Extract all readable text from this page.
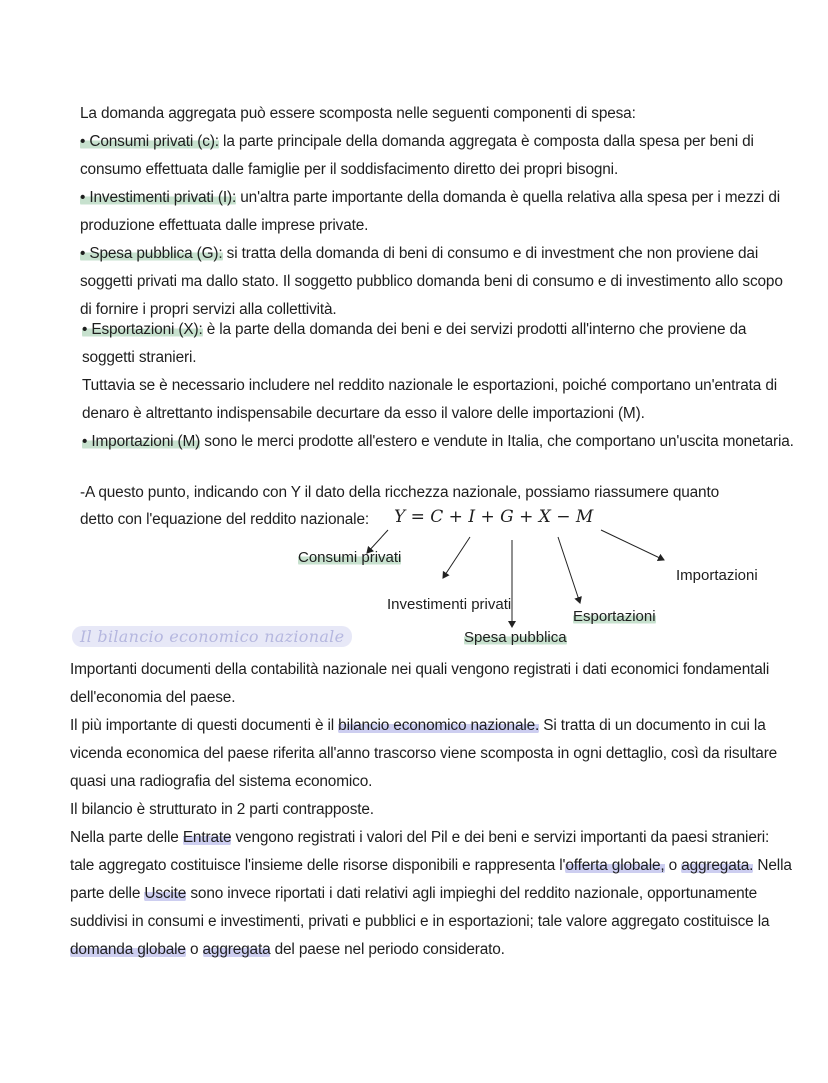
La domanda aggregata può essere scomposta nelle seguenti componenti di spesa:
• Consumi privati (c): la parte principale della domanda aggregata è composta dalla spesa per beni di
consumo effettuata dalle famiglie per il soddisfacimento diretto dei propri bisogni.
• Investimenti privati (I): un'altra parte importante della domanda è quella relativa alla spesa per i mezzi di
produzione effettuata dalle imprese private.
• Spesa pubblica (G): si tratta della domanda di beni di consumo e di investment che non proviene dai
soggetti privati ma dallo stato. Il soggetto pubblico domanda beni di consumo e di investimento allo scopo
di fornire i propri servizi alla collettività.
• Esportazioni (X): è la parte della domanda dei beni e dei servizi prodotti all'interno che proviene da
soggetti stranieri.
Tuttavia se è necessario includere nel reddito nazionale le esportazioni, poiché comportano un'entrata di
denaro è altrettanto indispensabile decurtare da esso il valore delle importazioni (M).
• Importazioni (M) sono le merci prodotte all'estero e vendute in Italia, che comportano un'uscita monetaria.
-A questo punto, indicando con Y il dato della ricchezza nazionale, possiamo riassumere quanto
detto con l'equazione del reddito nazionale: Y = C + I + G + X − M
Consumi privati
Investimenti privati
Spesa pubblica
Esportazioni
Importazioni
Il bilancio economico nazionale
Importanti documenti della contabilità nazionale nei quali vengono registrati i dati economici fondamentali
dell'economia del paese.
Il più importante di questi documenti è il bilancio economico nazionale. Si tratta di un documento in cui la
vicenda economica del paese riferita all'anno trascorso viene scomposta in ogni dettaglio, così da risultare
quasi una radiografia del sistema economico.
Il bilancio è strutturato in 2 parti contrapposte.
Nella parte delle Entrate vengono registrati i valori del Pil e dei beni e servizi importanti da paesi stranieri:
tale aggregato costituisce l'insieme delle risorse disponibili e rappresenta l'offerta globale, o aggregata. Nella
parte delle Uscite sono invece riportati i dati relativi agli impieghi del reddito nazionale, opportunamente
suddivisi in consumi e investimenti, privati e pubblici e in esportazioni; tale valore aggregato costituisce la
domanda globale o aggregata del paese nel periodo considerato.
